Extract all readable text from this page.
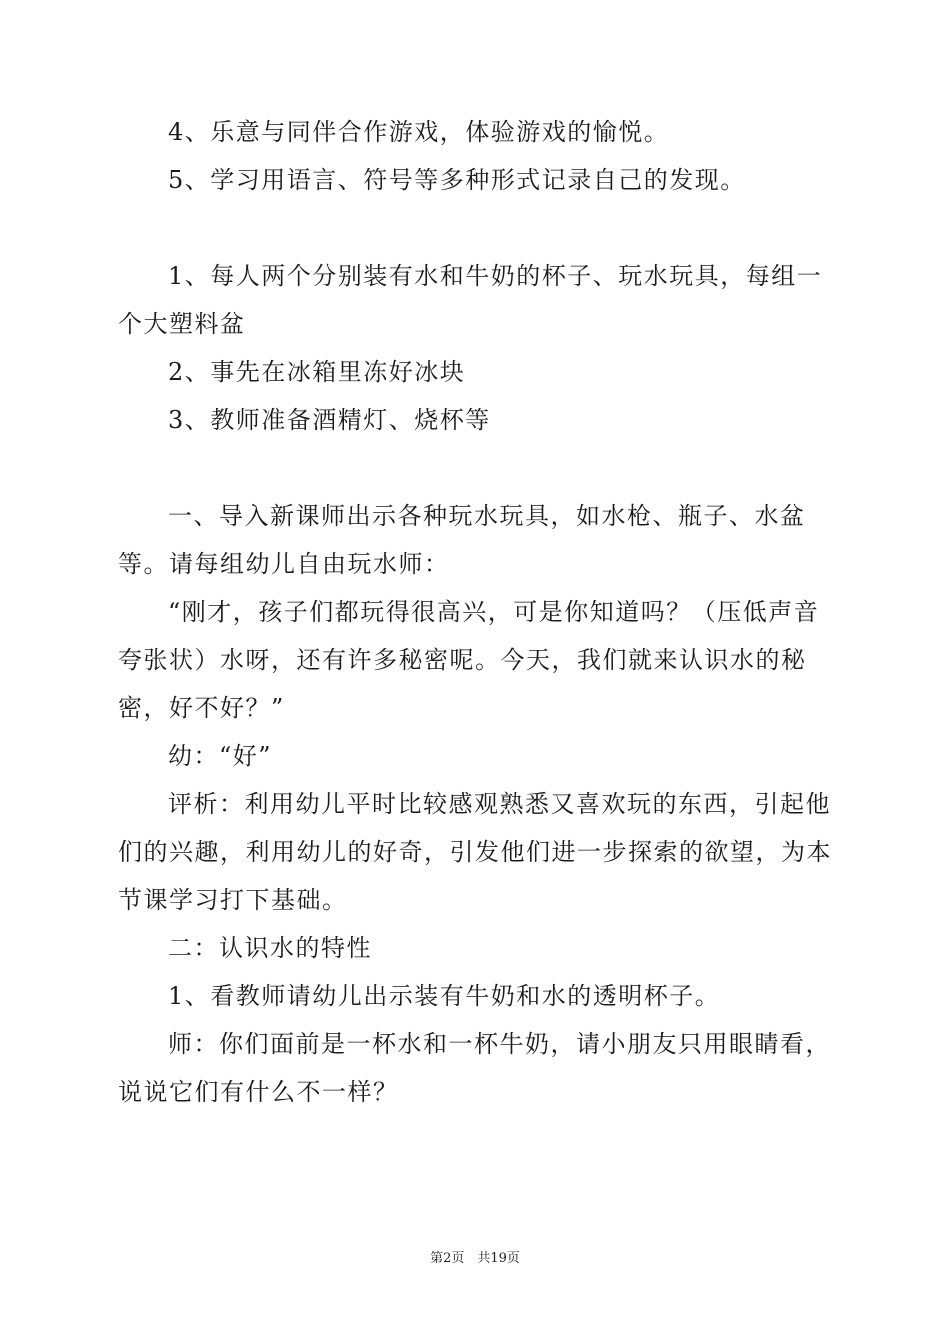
4、乐意与同伴合作游戏，体验游戏的愉悦。

5、学习用语言、符号等多种形式记录自己的发现。

1、每人两个分别装有水和牛奶的杯子、玩水玩具，每组一个大塑料盆

2、事先在冰箱里冻好冰块

3、教师准备酒精灯、烧杯等

一、导入新课师出示各种玩水玩具，如水枪、瓶子、水盆等。请每组幼儿自由玩水师：

“刚才，孩子们都玩得很高兴，可是你知道吗？（压低声音夸张状）水呀，还有许多秘密呢。今天，我们就来认识水的秘密，好不好？”

幼：“好”

评析：利用幼儿平时比较感观熟悉又喜欢玩的东西，引起他们的兴趣，利用幼儿的好奇，引发他们进一步探索的欲望，为本节课学习打下基础。

二：认识水的特性

1、看教师请幼儿出示装有牛奶和水的透明杯子。

师：你们面前是一杯水和一杯牛奶，请小朋友只用眼睛看，说说它们有什么不一样？

第2页　共19页
